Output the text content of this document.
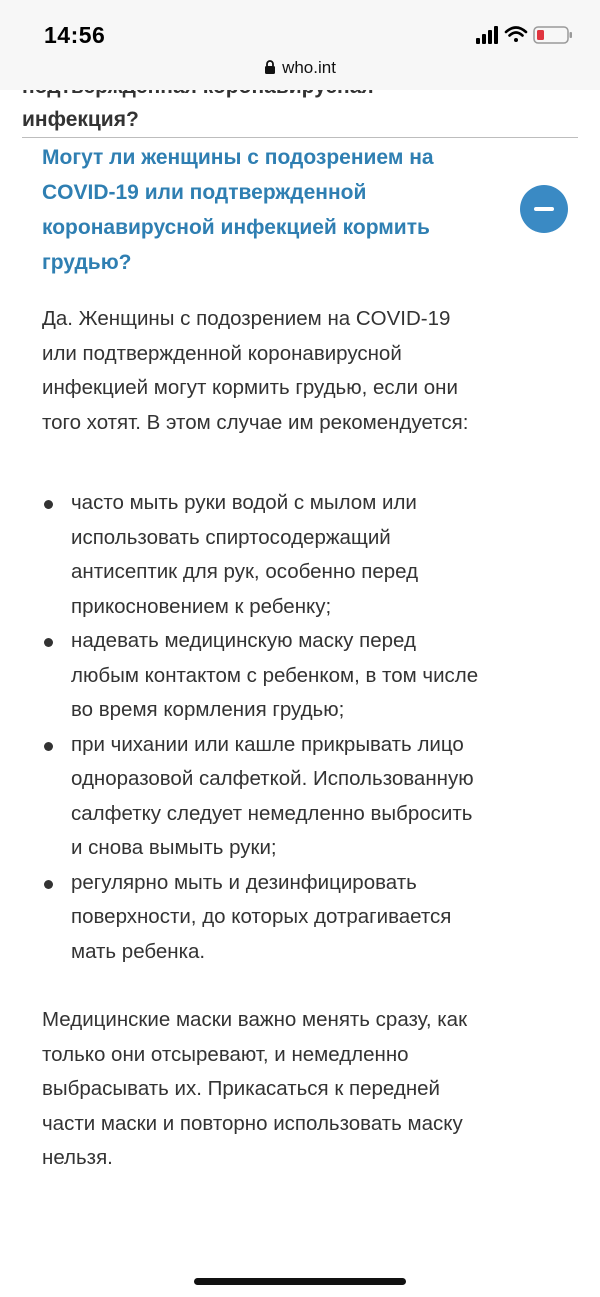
инфекция?
14:56
who.int
Могут ли женщины с подозрением на COVID-19 или подтвержденной коронавирусной инфекцией кормить грудью?

Да. Женщины с подозрением на COVID-19 или подтвержденной коронавирусной инфекцией могут кормить грудью, если они того хотят. В этом случае им рекомендуется:

часто мыть руки водой с мылом или использовать спиртосодержащий антисептик для рук, особенно перед прикосновением к ребенку;
надевать медицинскую маску перед любым контактом с ребенком, в том числе во время кормления грудью;
при чихании или кашле прикрывать лицо одноразовой салфеткой. Использованную салфетку следует немедленно выбросить и снова вымыть руки;
регулярно мыть и дезинфицировать поверхности, до которых дотрагивается мать ребенка.

Медицинские маски важно менять сразу, как только они отсыревают, и немедленно выбрасывать их. Прикасаться к передней части маски и повторно использовать маску нельзя.
